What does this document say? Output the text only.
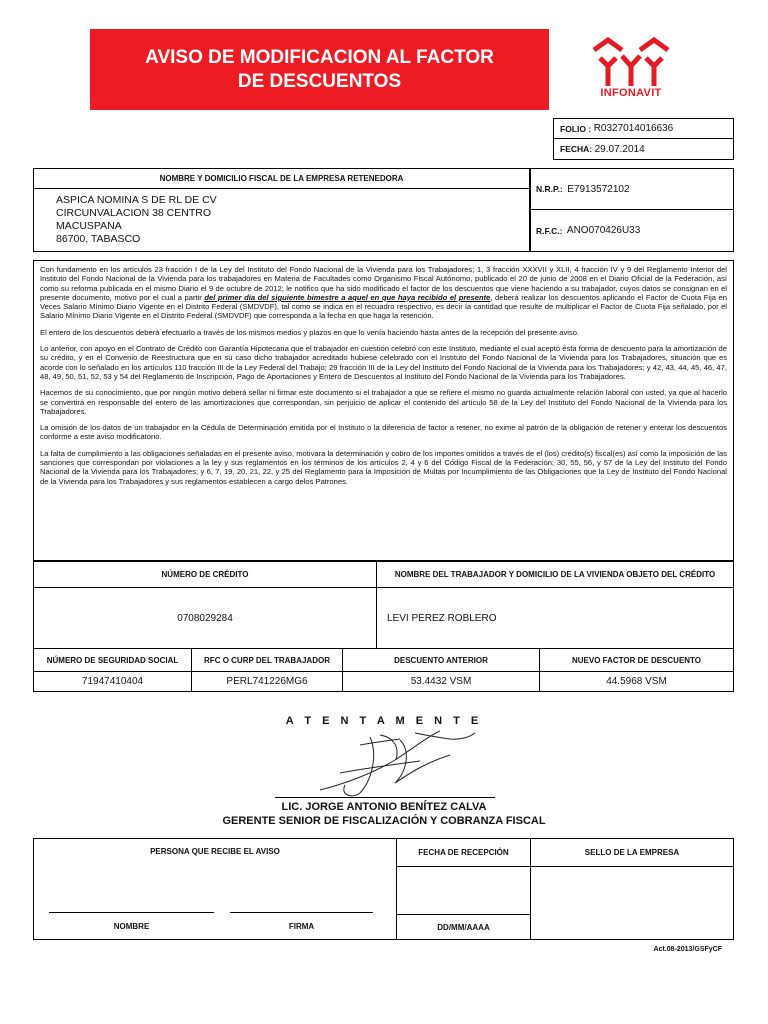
AVISO DE MODIFICACION AL FACTOR
DE DESCUENTOS
INFONAVIT
FOLIO :
R0327014016636
FECHA:
29.07.2014
NOMBRE Y DOMICILIO FISCAL DE LA EMPRESA RETENEDORA
ASPICA NOMINA S DE RL DE CV
CIRCUNVALACION 38 CENTRO
MACUSPANA
86700, TABASCO
N.R.P.:
E7913572102
R.F.C.:
ANO070426U33

Con fundamento en los artículos 23 fracción I de la Ley del Instituto del Fondo Nacional de la Vivienda para los Trabajadores; 1, 3 fracción XXXVII y XLII, 4 fracción IV y 9 del Reglamento Interior del Instituto del Fondo Nacional de la Vivienda para los trabajadores en Materia de Facultades como Organismo Fiscal Autónomo, publicado el 20 de junio de 2008 en el Diario Oficial de la Federación, así como su reforma publicada en el mismo Diario el 9 de octubre de 2012; le notifico que ha sido modificado el factor de los descuentos que viene haciendo a su trabajador, cuyos datos se consignan en el presente documento, motivo por el cual a partir del primer día del siguiente bimestre a aquel en que haya recibido el presente, deberá realizar los descuentos aplicando el Factor de Cuota Fija en Veces Salario Mínimo Diario Vigente en el Distrito Federal (SMDVDF), tal como se indica en el recuadro respectivo, es decir la cantidad que resulte de multiplicar el Factor de Cuota Fija señalado, por el Salario Mínimo Diario Vigente en el Distrito Federal (SMDVDF) que corresponda a la fecha en que haga la retención.

El entero de los descuentos deberá efectuarlo a través de los mismos medios y plazos en que lo venía haciendo hasta antes de la recepción del presente aviso.

Lo anterior, con apoyo en el Contrato de Crédito con Garantía Hipotecaria que el trabajador en cuestión celebró con este Instituto, mediante el cual aceptó ésta forma de descuento para la amortización de su crédito, y en el Convenio de Reestructura que en su caso dicho trabajador acreditado hubiese celebrado con el Instituto del Fondo Nacional de la Vivienda para los Trabajadores, situación que es acorde con lo señalado en los artículos 110 fracción III de la Ley Federal del Trabajo; 29 fracción III de la Ley del Instituto del Fondo Nacional de la Vivienda para los Trabajadores; y 42, 43, 44, 45, 46, 47, 48, 49, 50, 51, 52, 53 y 54 del Reglamento de Inscripción, Pago de Aportaciones y Entero de Descuentos al Instituto del Fondo Nacional de la Vivienda para los Trabajadores.

Hacemos de su conocimiento, que por ningún motivo deberá sellar ni firmar este documento si el trabajador a que se refiere el mismo no guarda actualmente relación laboral con usted, ya que al hacerlo se convertirá en responsable del entero de las amortizaciones que correspondan, sin perjuicio de aplicar el contenido del artículo 58 de la Ley del Instituto del Fondo Nacional de la Vivienda para los Trabajadores.

La omisión de los datos de un trabajador en la Cédula de Determinación emitida por el Instituto o la diferencia de factor a retener, no exime al patrón de la obligación de retener y enterar los descuentos conforme a este aviso modificatorio.

La falta de cumplimiento a las obligaciones señaladas en el presente aviso, motivara la determinación y cobro de los importes omitidos a través de el (los) crédito(s) fiscal(es) así como la imposición de las sanciones que correspondan por violaciones a la ley y sus reglamentos en los términos de los artículos 2, 4 y 6 del Código Fiscal de la Federación; 30, 55, 56, y 57 de la Ley del Instituto del Fondo Nacional de la Vivienda para los Trabajadores; y 6, 7, 19, 20, 21, 22, y 25 del Reglamento para la Imposición de Multas por Incumplimiento de las Obligaciones que la Ley de Instituto del Fondo Nacional de la Vivienda para los Trabajadores y sus reglamentos establecen a cargo delos Patrones.

NÚMERO DE CRÉDITO	NOMBRE DEL TRABAJADOR Y DOMICILIO DE LA VIVIENDA OBJETO DEL CRÉDITO
0708029284	LEVI PEREZ ROBLERO
NÚMERO DE SEGURIDAD SOCIAL	RFC O CURP DEL TRABAJADOR	DESCUENTO ANTERIOR	NUEVO FACTOR DE DESCUENTO
71947410404	PERL741226MG6	53.4432 VSM	44.5968 VSM
A T E N T A M E N T E
LIC. JORGE ANTONIO BENÍTEZ CALVA
GERENTE SENIOR DE FISCALIZACIÓN Y COBRANZA FISCAL
PERSONA QUE RECIBE EL AVISO
NOMBRE	FIRMA
FECHA DE RECEPCIÓN
DD/MM/AAAA
SELLO DE LA EMPRESA
Act.08-2013/GSFyCF
